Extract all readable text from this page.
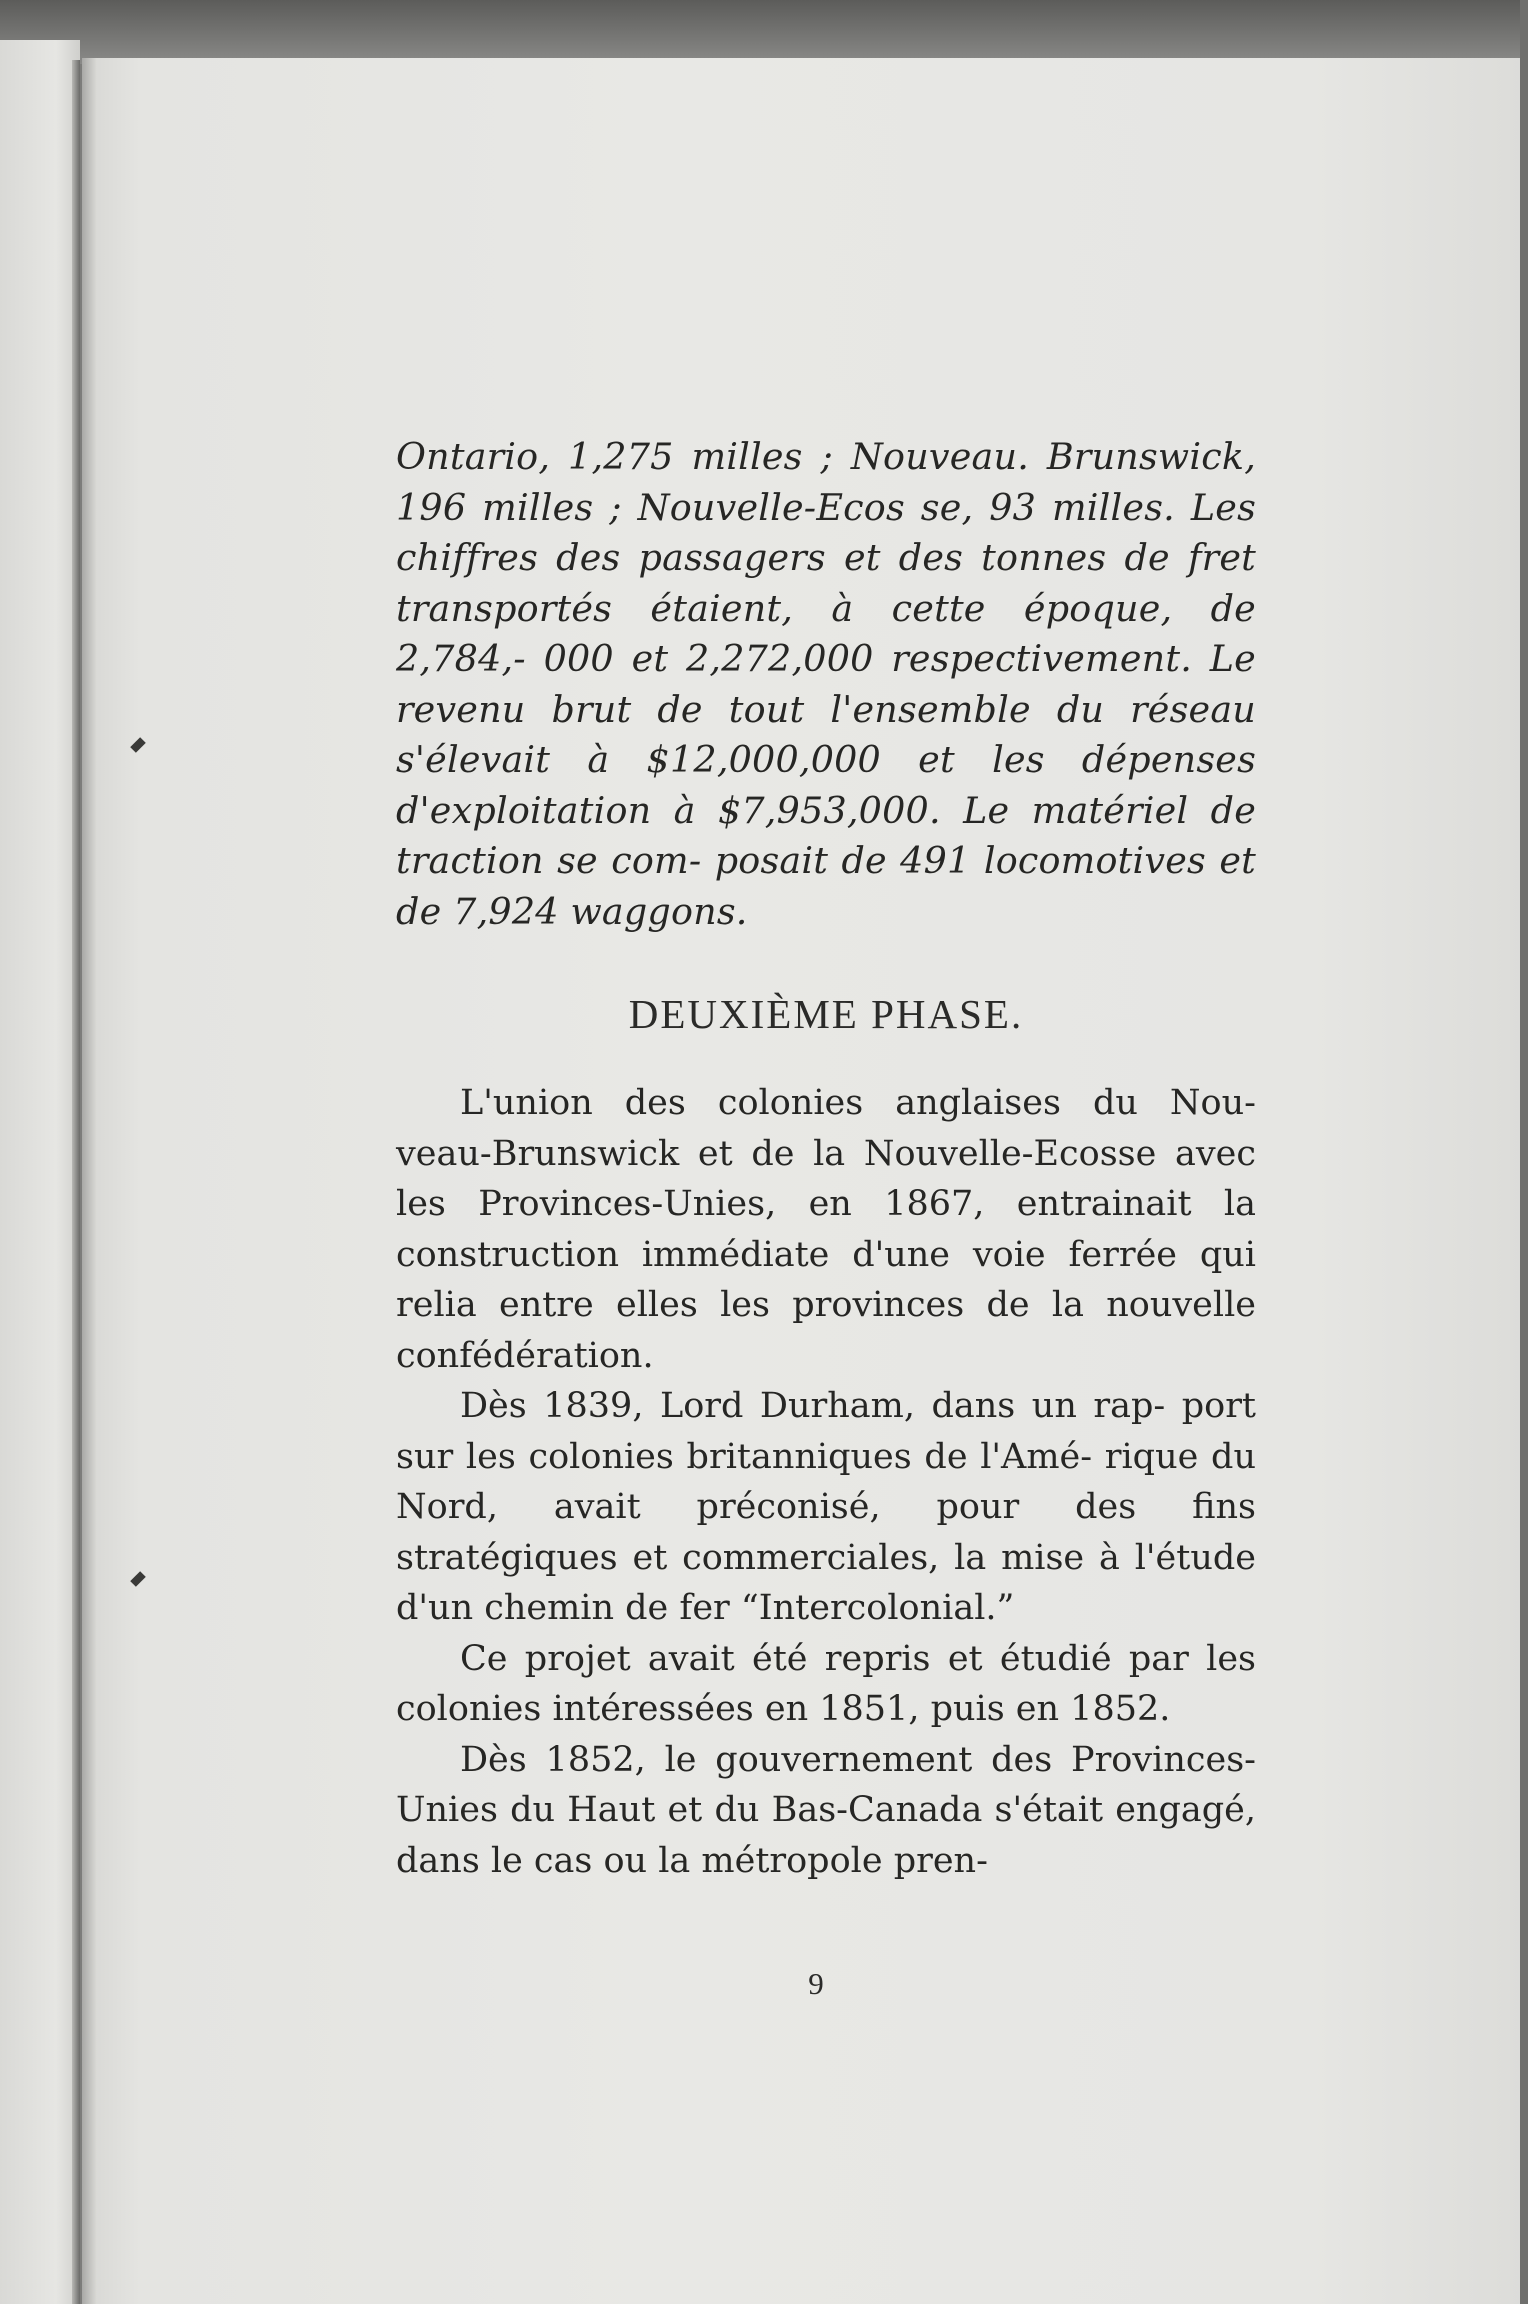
Ontario, 1,275 milles ; Nouveau. Brunswick, 196 milles ; Nouvelle-Ecos se, 93 milles. Les chiffres des passagers et des tonnes de fret transportés étaient, à cette époque, de 2,784,- 000 et 2,272,000 respectivement. Le revenu brut de tout l'ensemble du réseau s'élevait à $12,000,000 et les dépenses d'exploitation à $7,953,000. Le matériel de traction se com- posait de 491 locomotives et de 7,924 waggons.

DEUXIÈME PHASE.

L'union des colonies anglaises du Nou- veau-Brunswick et de la Nouvelle-Ecosse avec les Provinces-Unies, en 1867, entrainait la construction immédiate d'une voie ferrée qui relia entre elles les provinces de la nouvelle confédération.

Dès 1839, Lord Durham, dans un rap- port sur les colonies britanniques de l'Amé- rique du Nord, avait préconisé, pour des fins stratégiques et commerciales, la mise à l'étude d'un chemin de fer “Intercolonial.”

Ce projet avait été repris et étudié par les colonies intéressées en 1851, puis en 1852.

Dès 1852, le gouvernement des Provinces- Unies du Haut et du Bas-Canada s'était engagé, dans le cas ou la métropole pren-

9
